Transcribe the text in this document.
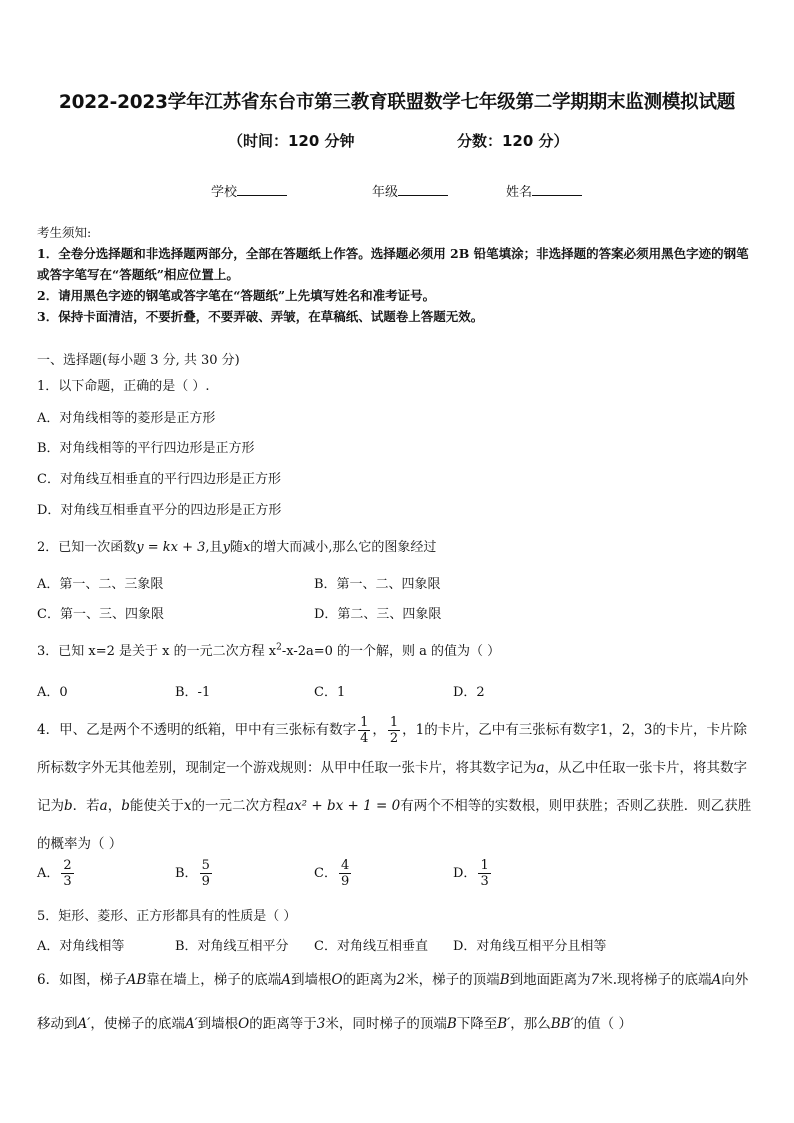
2022-2023学年江苏省东台市第三教育联盟数学七年级第二学期期末监测模拟试题
（时间：120 分钟	分数：120 分）
学校	年级	姓名
考生须知:
1．全卷分选择题和非选择题两部分，全部在答题纸上作答。选择题必须用 2B 铅笔填涂；非选择题的答案必须用黑色字迹的钢笔或答字笔写在“答题纸”相应位置上。
2．请用黑色字迹的钢笔或答字笔在“答题纸”上先填写姓名和准考证号。
3．保持卡面清洁，不要折叠，不要弄破、弄皱，在草稿纸、试题卷上答题无效。
一、选择题(每小题 3 分, 共 30 分)
1．以下命题，正确的是（ ）.
A．对角线相等的菱形是正方形
B．对角线相等的平行四边形是正方形
C．对角线互相垂直的平行四边形是正方形
D．对角线互相垂直平分的四边形是正方形
2．已知一次函数y = kx + 3,且y随x的增大而减小,那么它的图象经过
A．第一、二、三象限	B．第一、二、四象限
C．第一、三、四象限	D．第二、三、四象限
3．已知 x=2 是关于 x 的一元二次方程 $x^2-x-2a=0$ 的一个解，则 a 的值为（ ）
A．0	B．-1	C．1	D．2
4．甲、乙是两个不透明的纸箱，甲中有三张标有数字 $\frac{1}{4}$ ， $\frac{1}{2}$ ，1的卡片，乙中有三张标有数字1，2，3的卡片，卡片除所标数字外无其他差别，现制定一个游戏规则：从甲中任取一张卡片，将其数字记为a，从乙中任取一张卡片，将其数字记为b．若a，b能使关于x的一元二次方程ax² + bx + 1 = 0有两个不相等的实数根，则甲获胜；否则乙获胜．则乙获胜的概率为（ ）
A． $\frac{2}{3}$	B． $\frac{5}{9}$	C． $\frac{4}{9}$	D． $\frac{1}{3}$
5．矩形、菱形、正方形都具有的性质是（ ）
A．对角线相等	B．对角线互相平分 C．对角线互相垂直 D．对角线互相平分且相等
6．如图，梯子AB靠在墙上，梯子的底端A到墙根O的距离为2米，梯子的顶端B到地面距离为7米.现将梯子的底端A向外移动到A′，使梯子的底端A′到墙根O的距离等于3米，同时梯子的顶端B下降至B′，那么BB′的值（ ）
